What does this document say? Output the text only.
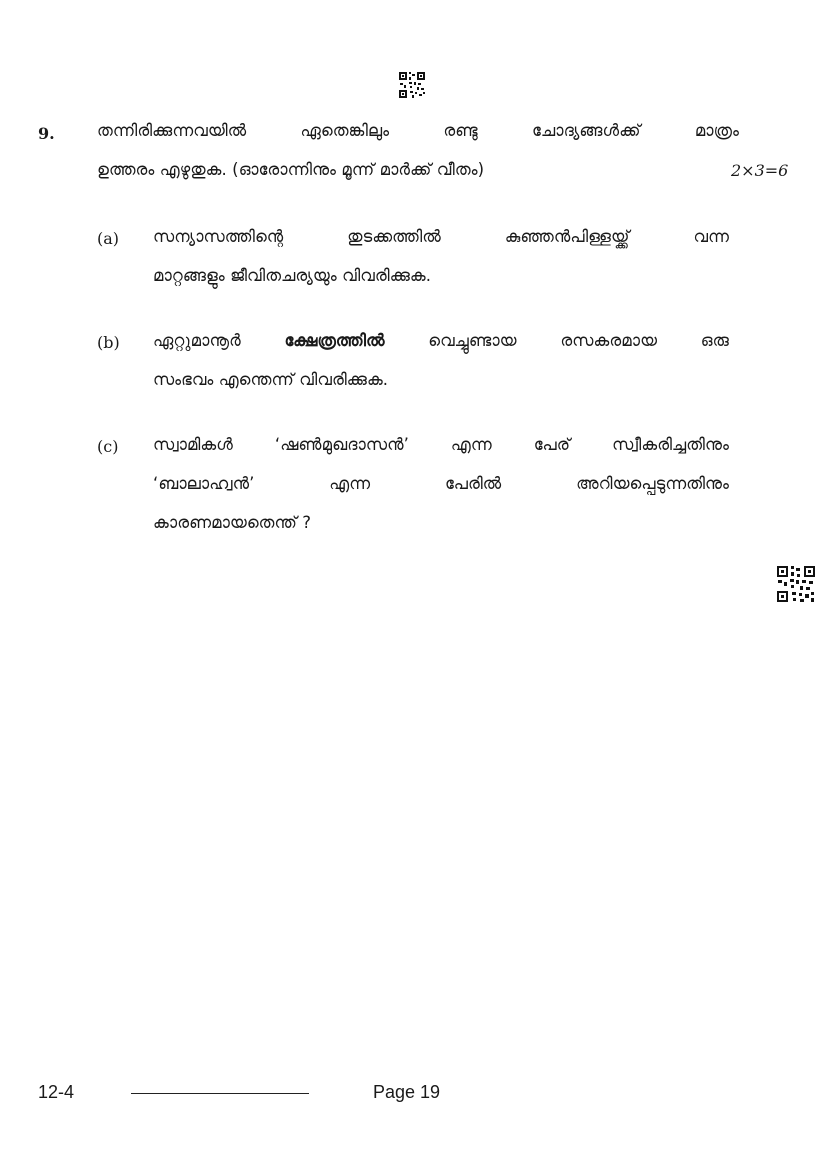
9.	തന്നിരിക്കുന്നവയിൽ	ഏതെങ്കിലും	രണ്ടു	ചോദ്യങ്ങൾക്ക്	മാത്രം
ഉത്തരം എഴുതുക. (ഓരോന്നിനും മൂന്ന് മാർക്ക് വീതം)	2×3=6
(a) സന്യാസത്തിന്റെ	തുടക്കത്തിൽ	കുഞ്ഞൻപിള്ളയ്ക്ക്	വന്ന
മാറ്റങ്ങളും ജീവിതചര്യയും വിവരിക്കുക.
(b) ഏറ്റുമാനൂർ	ക്ഷേത്രത്തിൽ	വെച്ചുണ്ടായ	രസകരമായ	ഒരു
സംഭവം എന്തെന്ന് വിവരിക്കുക.
(c) സ്വാമികൾ	‘ഷൺമുഖദാസൻ’	എന്ന	പേര്	സ്വീകരിച്ചതിനും
‘ബാലാഹ്വൻ’	എന്ന	പേരിൽ	അറിയപ്പെടുന്നതിനും
കാരണമായതെന്ത് ?
12-4	Page 19
